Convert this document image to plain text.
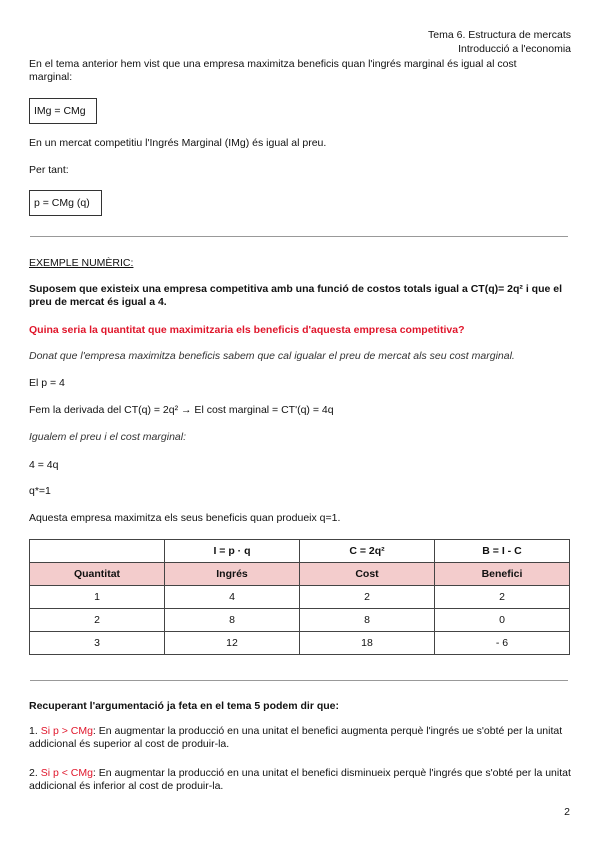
Tema 6. Estructura de mercats
Introducció a l'economia
En el tema anterior hem vist que una empresa maximitza beneficis quan l'ingrés marginal és igual al cost marginal:
IMg = CMg
En un mercat competitiu l'Ingrés Marginal (IMg) és igual al preu.
Per tant:
p = CMg (q)
EXEMPLE NUMÈRIC:
Suposem que existeix una empresa competitiva amb una funció de costos totals igual a CT(q)= 2q² i que el preu de mercat és igual a 4.
Quina seria la quantitat que maximitzaria els beneficis d'aquesta empresa competitiva?
Donat que l'empresa maximitza beneficis sabem que cal igualar el preu de mercat als seu cost marginal.
El p = 4
Fem la derivada del CT(q) = 2q² → El cost marginal = CT'(q) = 4q
Igualem el preu i el cost marginal:
4 = 4q
q*=1
Aquesta empresa maximitza els seus beneficis quan produeix q=1.
	I = p · q	C = 2q²	B = I - C
Quantitat	Ingrés	Cost	Benefici
1	4	2	2
2	8	8	0
3	12	18	- 6
Recuperant l'argumentació ja feta en el tema 5 podem dir que:
1. Si p > CMg: En augmentar la producció en una unitat el benefici augmenta perquè l'ingrés ue s'obté per la unitat addicional és superior al cost de produir-la.
2. Si p < CMg: En augmentar la producció en una unitat el benefici disminueix perquè l'ingrés que s'obté per la unitat addicional és inferior al cost de produir-la.
2
